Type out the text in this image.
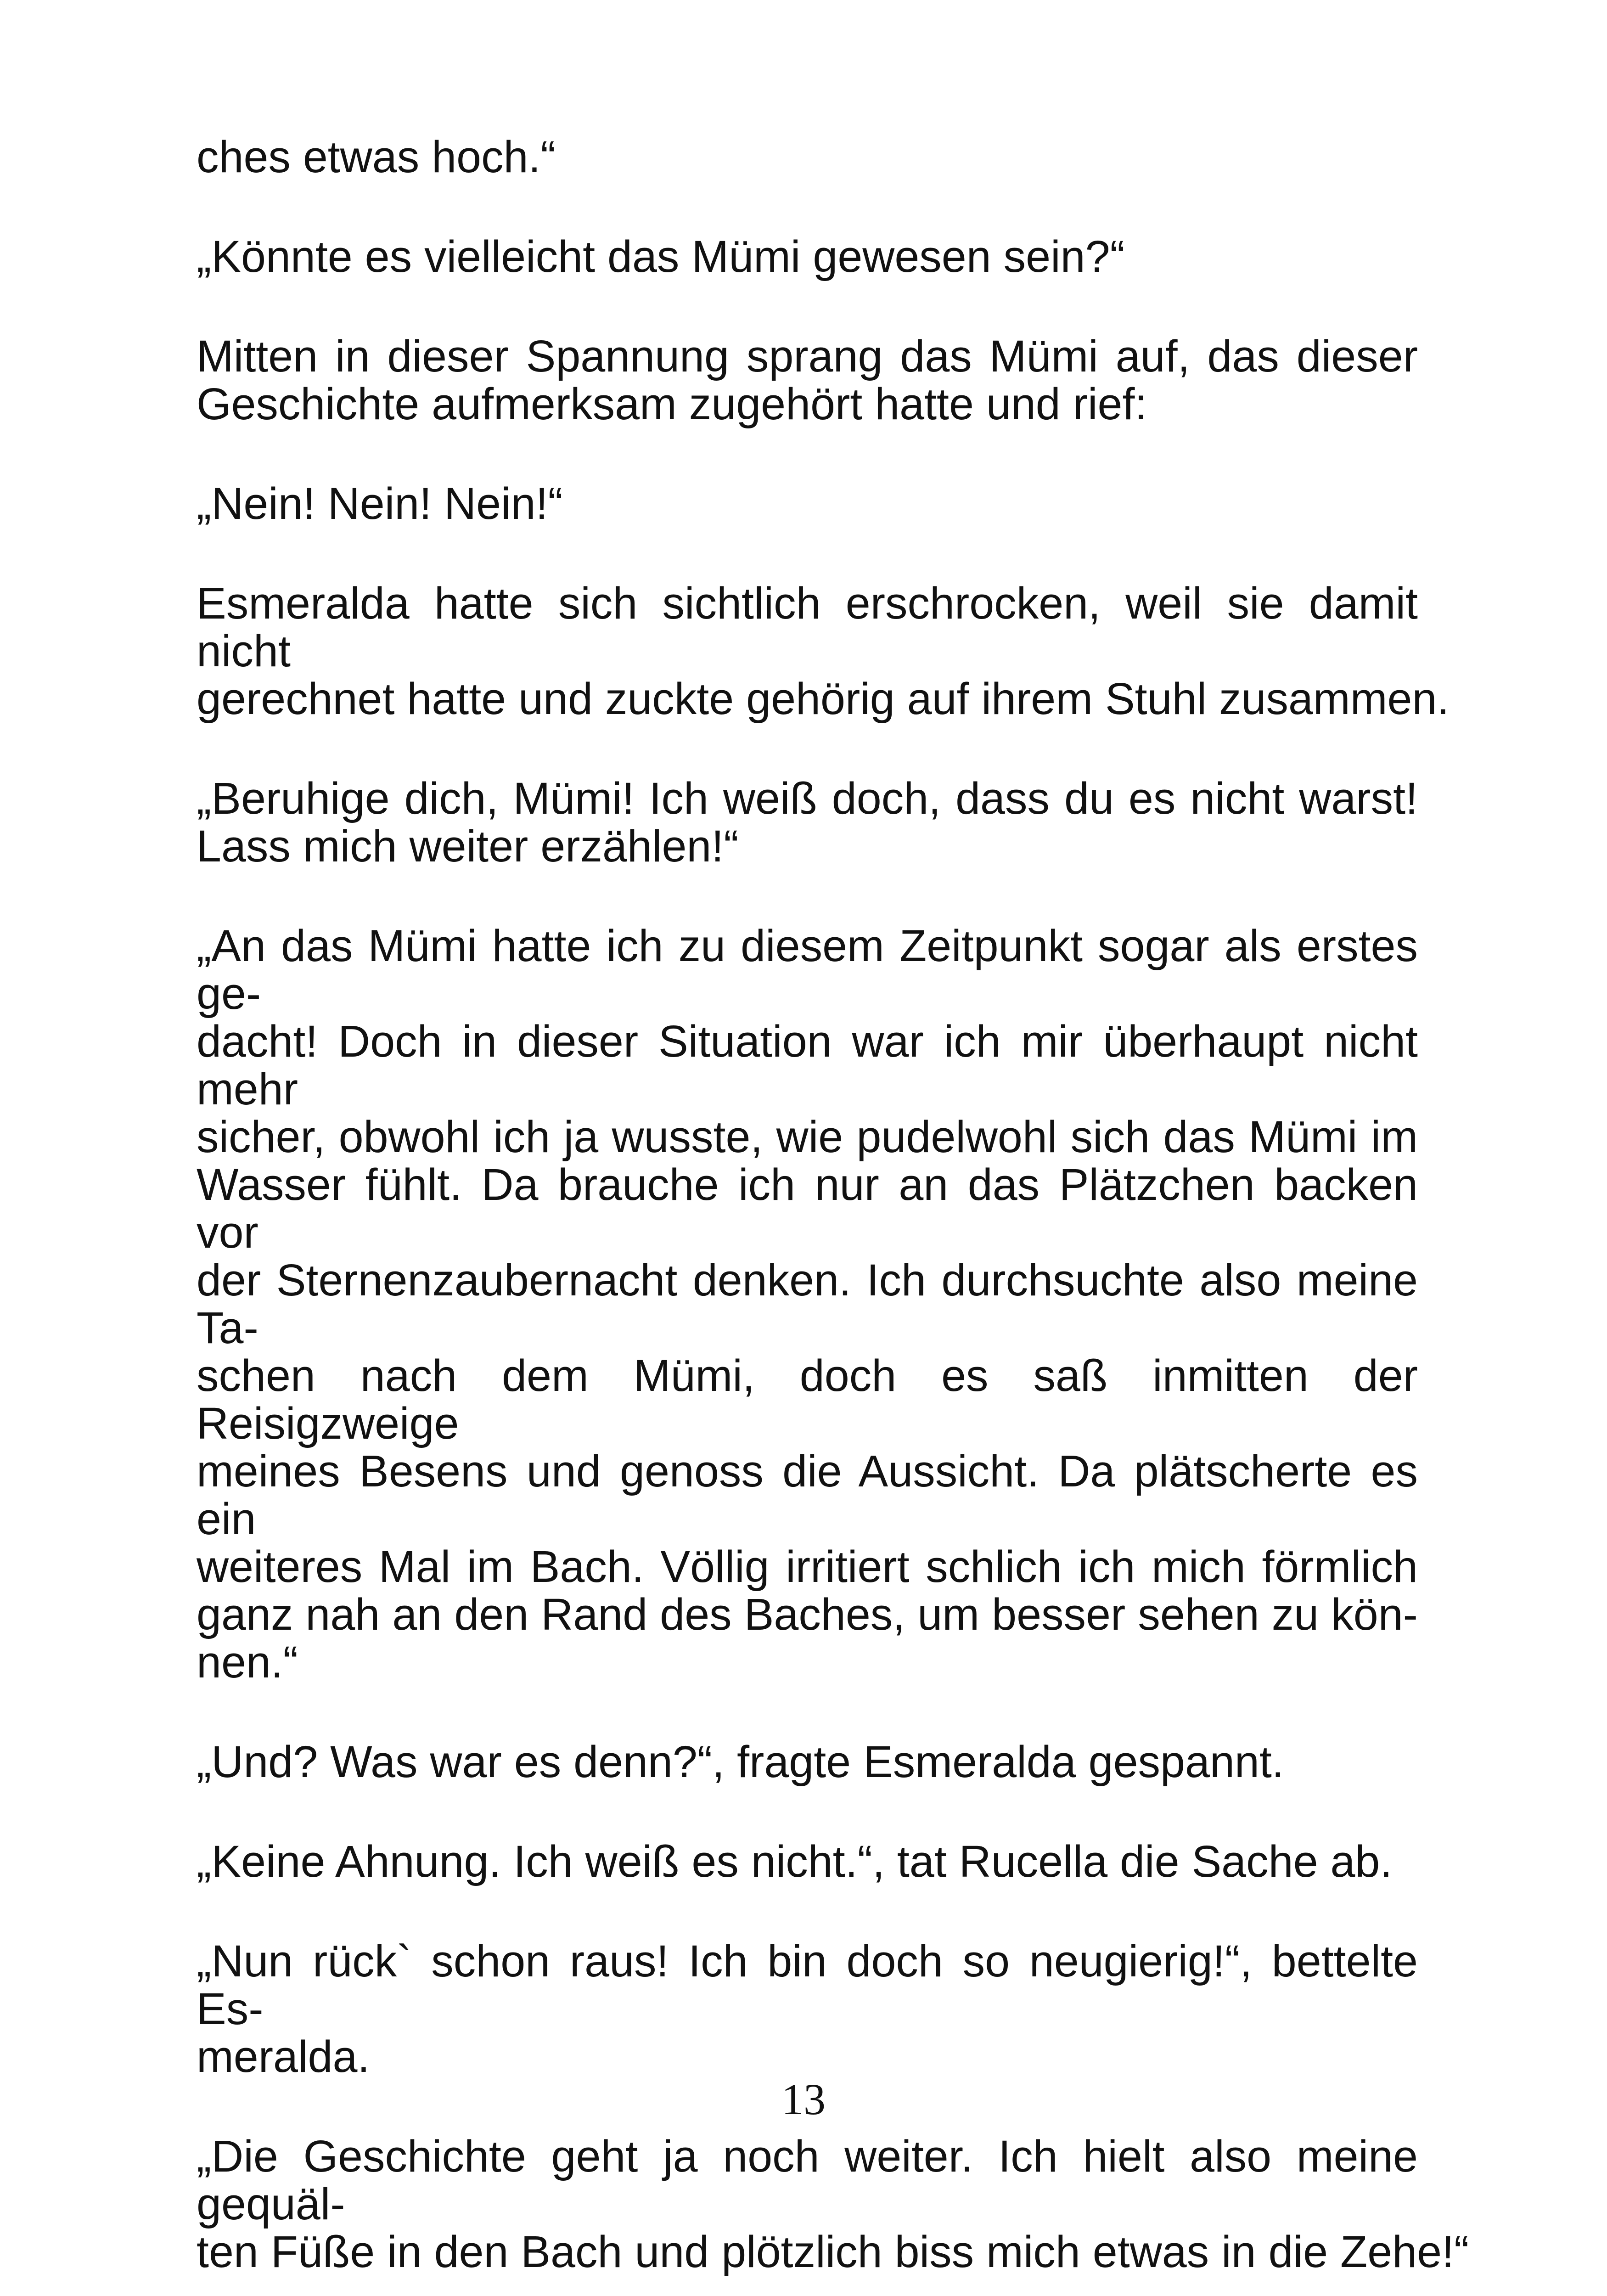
ches etwas hoch.“

„Könnte es vielleicht das Mümi gewesen sein?“

Mitten in dieser Spannung sprang das Mümi auf, das dieser
Geschichte aufmerksam zugehört hatte und rief:

„Nein! Nein! Nein!“

Esmeralda hatte sich sichtlich erschrocken, weil sie damit nicht
gerechnet hatte und zuckte gehörig auf ihrem Stuhl zusammen.

„Beruhige dich, Mümi! Ich weiß doch, dass du es nicht warst!
Lass mich weiter erzählen!“

„An das Mümi hatte ich zu diesem Zeitpunkt sogar als erstes ge-
dacht! Doch in dieser Situation war ich mir überhaupt nicht mehr
sicher, obwohl ich ja wusste, wie pudelwohl sich das Mümi im
Wasser fühlt. Da brauche ich nur an das Plätzchen backen vor
der Sternenzaubernacht denken. Ich durchsuchte also meine Ta-
schen nach dem Mümi, doch es saß inmitten der Reisigzweige
meines Besens und genoss die Aussicht. Da plätscherte es ein
weiteres Mal im Bach. Völlig irritiert schlich ich mich förmlich
ganz nah an den Rand des Baches, um besser sehen zu kön-
nen.“

„Und? Was war es denn?“, fragte Esmeralda gespannt.

„Keine Ahnung. Ich weiß es nicht.“, tat Rucella die Sache ab.

„Nun rück` schon raus! Ich bin doch so neugierig!“, bettelte Es-
meralda.

„Die Geschichte geht ja noch weiter. Ich hielt also meine gequäl-
ten Füße in den Bach und plötzlich biss mich etwas in die Zehe!“

13
